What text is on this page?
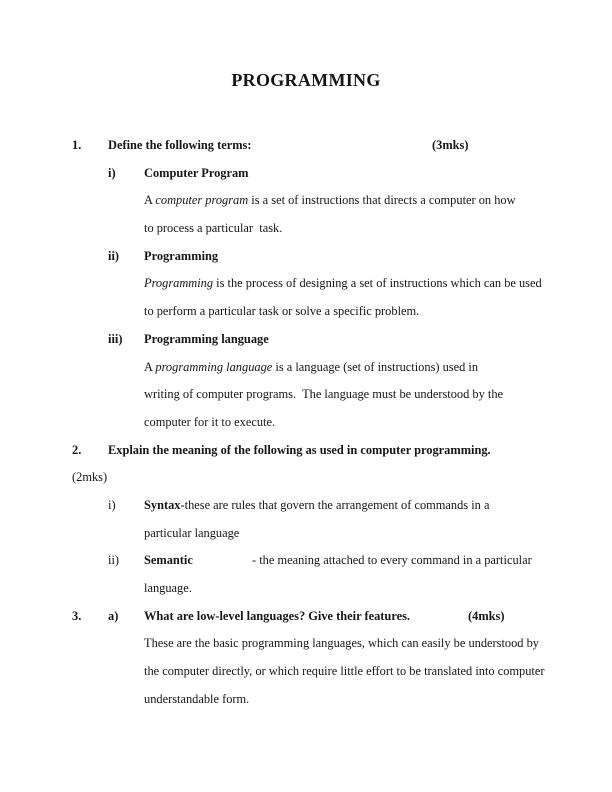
PROGRAMMING
1.	Define the following terms:	(3mks)
i)	Computer Program
A computer program is a set of instructions that directs a computer on how
to process a particular  task.
ii)	Programming
Programming is the process of designing a set of instructions which can be used
to perform a particular task or solve a specific problem.
iii)	Programming language
A programming language is a language (set of instructions) used in
writing of computer programs.  The language must be understood by the
computer for it to execute.
2.	Explain the meaning of the following as used in computer programming.
(2mks)
i)	Syntax -these are rules that govern the arrangement of commands in a
particular language
ii)	Semantic	- the meaning attached to every command in a particular
language.
3.	a)	What are low-level languages? Give their features.	(4mks)
These are the basic programming languages, which can easily be understood by
the computer directly, or which require little effort to be translated into computer
understandable form.
